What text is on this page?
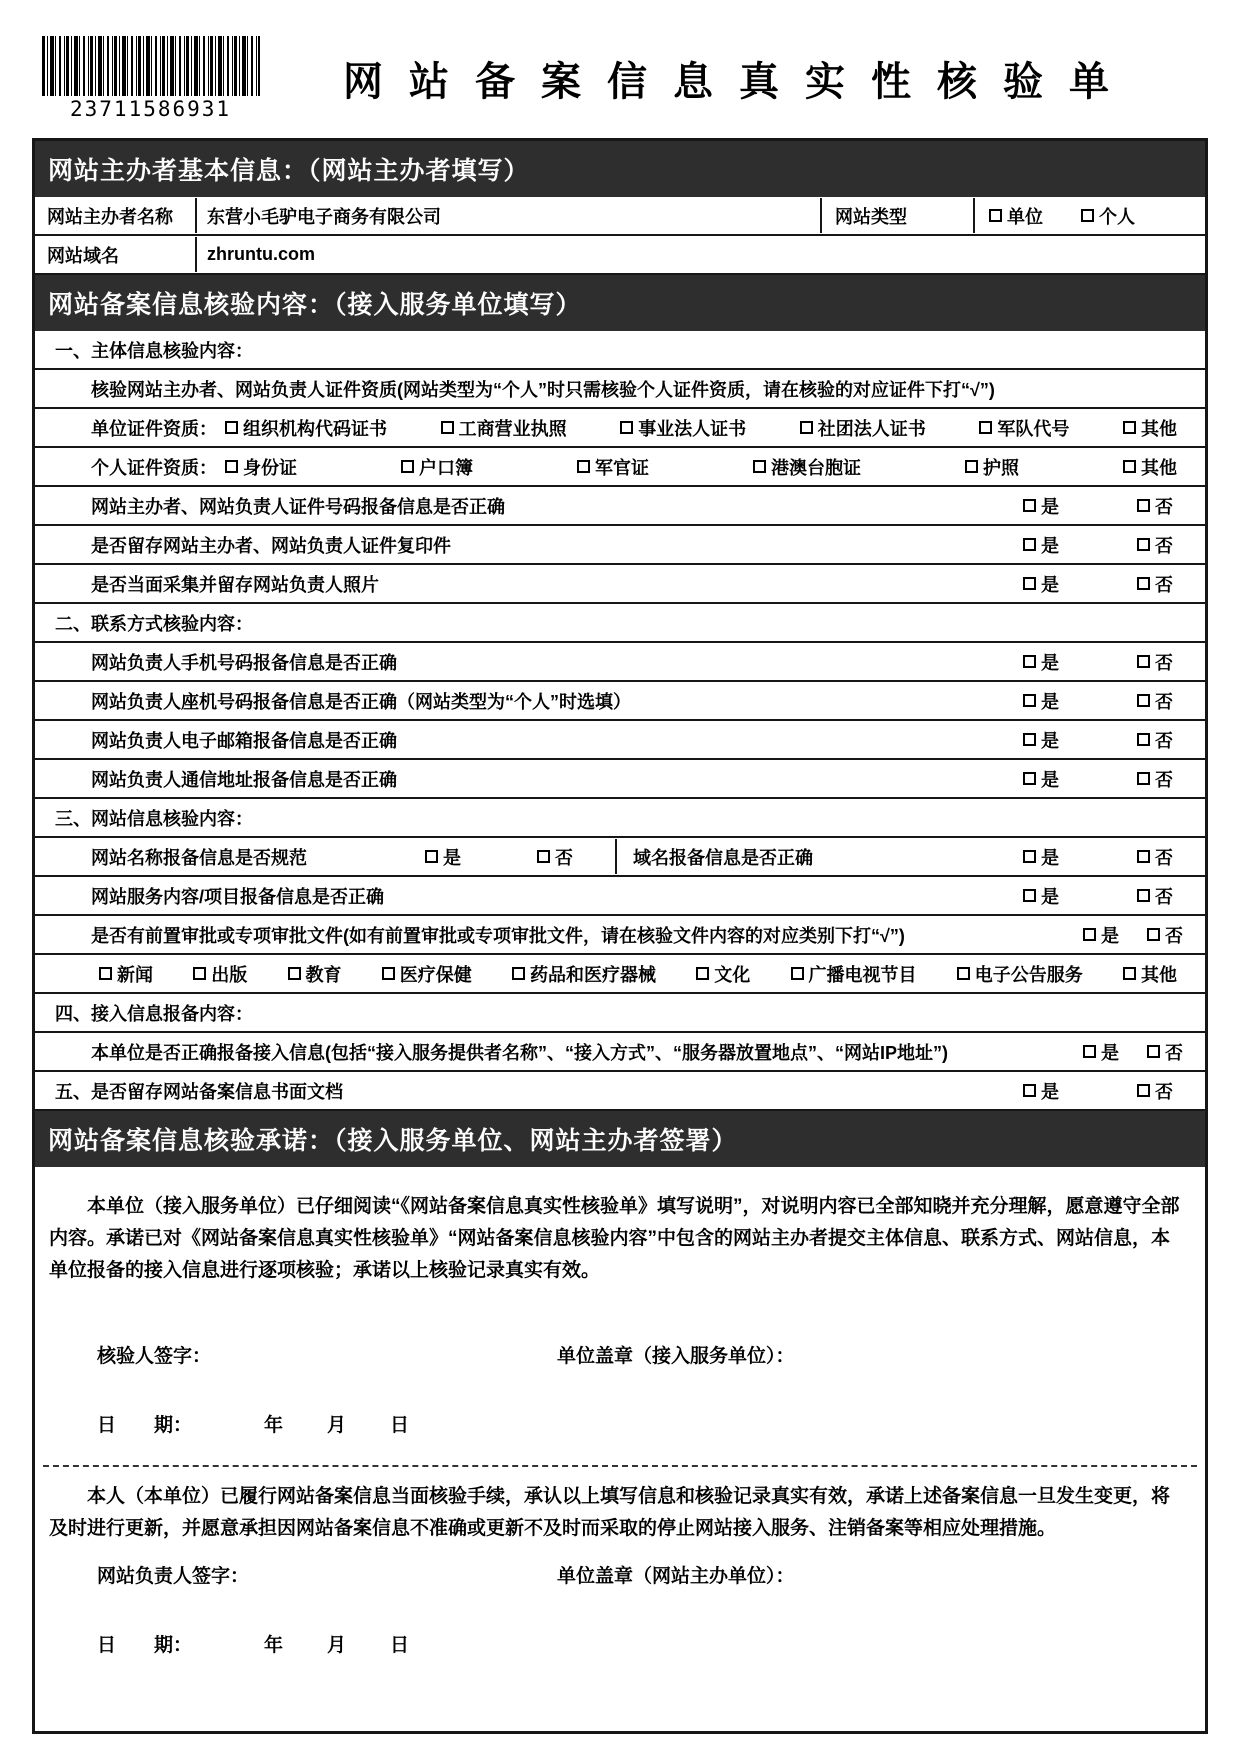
23711586931
网站备案信息真实性核验单
网站主办者基本信息：（网站主办者填写）
网站主办者名称	东营小毛驴电子商务有限公司	网站类型	单位	个人
网站域名	zhruntu.com
网站备案信息核验内容：（接入服务单位填写）
一、主体信息核验内容：
核验网站主办者、网站负责人证件资质(网站类型为“个人”时只需核验个人证件资质，请在核验的对应证件下打“√”)
单位证件资质： 组织机构代码证书	工商营业执照	事业法人证书	社团法人证书	军队代号	其他
个人证件资质： 身份证	户口簿	军官证	港澳台胞证	护照	其他
网站主办者、网站负责人证件号码报备信息是否正确	是	否
是否留存网站主办者、网站负责人证件复印件	是	否
是否当面采集并留存网站负责人照片	是	否
二、联系方式核验内容：
网站负责人手机号码报备信息是否正确	是	否
网站负责人座机号码报备信息是否正确（网站类型为“个人”时选填）	是	否
网站负责人电子邮箱报备信息是否正确	是	否
网站负责人通信地址报备信息是否正确	是	否
三、网站信息核验内容：
网站名称报备信息是否规范	是	否	域名报备信息是否正确	是	否
网站服务内容/项目报备信息是否正确	是	否
是否有前置审批或专项审批文件(如有前置审批或专项审批文件，请在核验文件内容的对应类别下打“√”)	是	否
新闻	出版	教育	医疗保健	药品和医疗器械	文化	广播电视节目	电子公告服务	其他
四、接入信息报备内容：
本单位是否正确报备接入信息(包括“接入服务提供者名称”、“接入方式”、“服务器放置地点”、“网站IP地址”)	是	否
五、是否留存网站备案信息书面文档	是	否
网站备案信息核验承诺：（接入服务单位、网站主办者签署）

本单位（接入服务单位）已仔细阅读“《网站备案信息真实性核验单》填写说明”，对说明内容已全部知晓并充分理解，愿意遵守全部内容。承诺已对《网站备案信息真实性核验单》“网站备案信息核验内容”中包含的网站主办者提交主体信息、联系方式、网站信息，本单位报备的接入信息进行逐项核验；承诺以上核验记录真实有效。

核验人签字：	单位盖章（接入服务单位）：
日　　期：	年 月 日

本人（本单位）已履行网站备案信息当面核验手续，承认以上填写信息和核验记录真实有效，承诺上述备案信息一旦发生变更，将及时进行更新，并愿意承担因网站备案信息不准确或更新不及时而采取的停止网站接入服务、注销备案等相应处理措施。

网站负责人签字：	单位盖章（网站主办单位）：
日　　期：	年 月 日
